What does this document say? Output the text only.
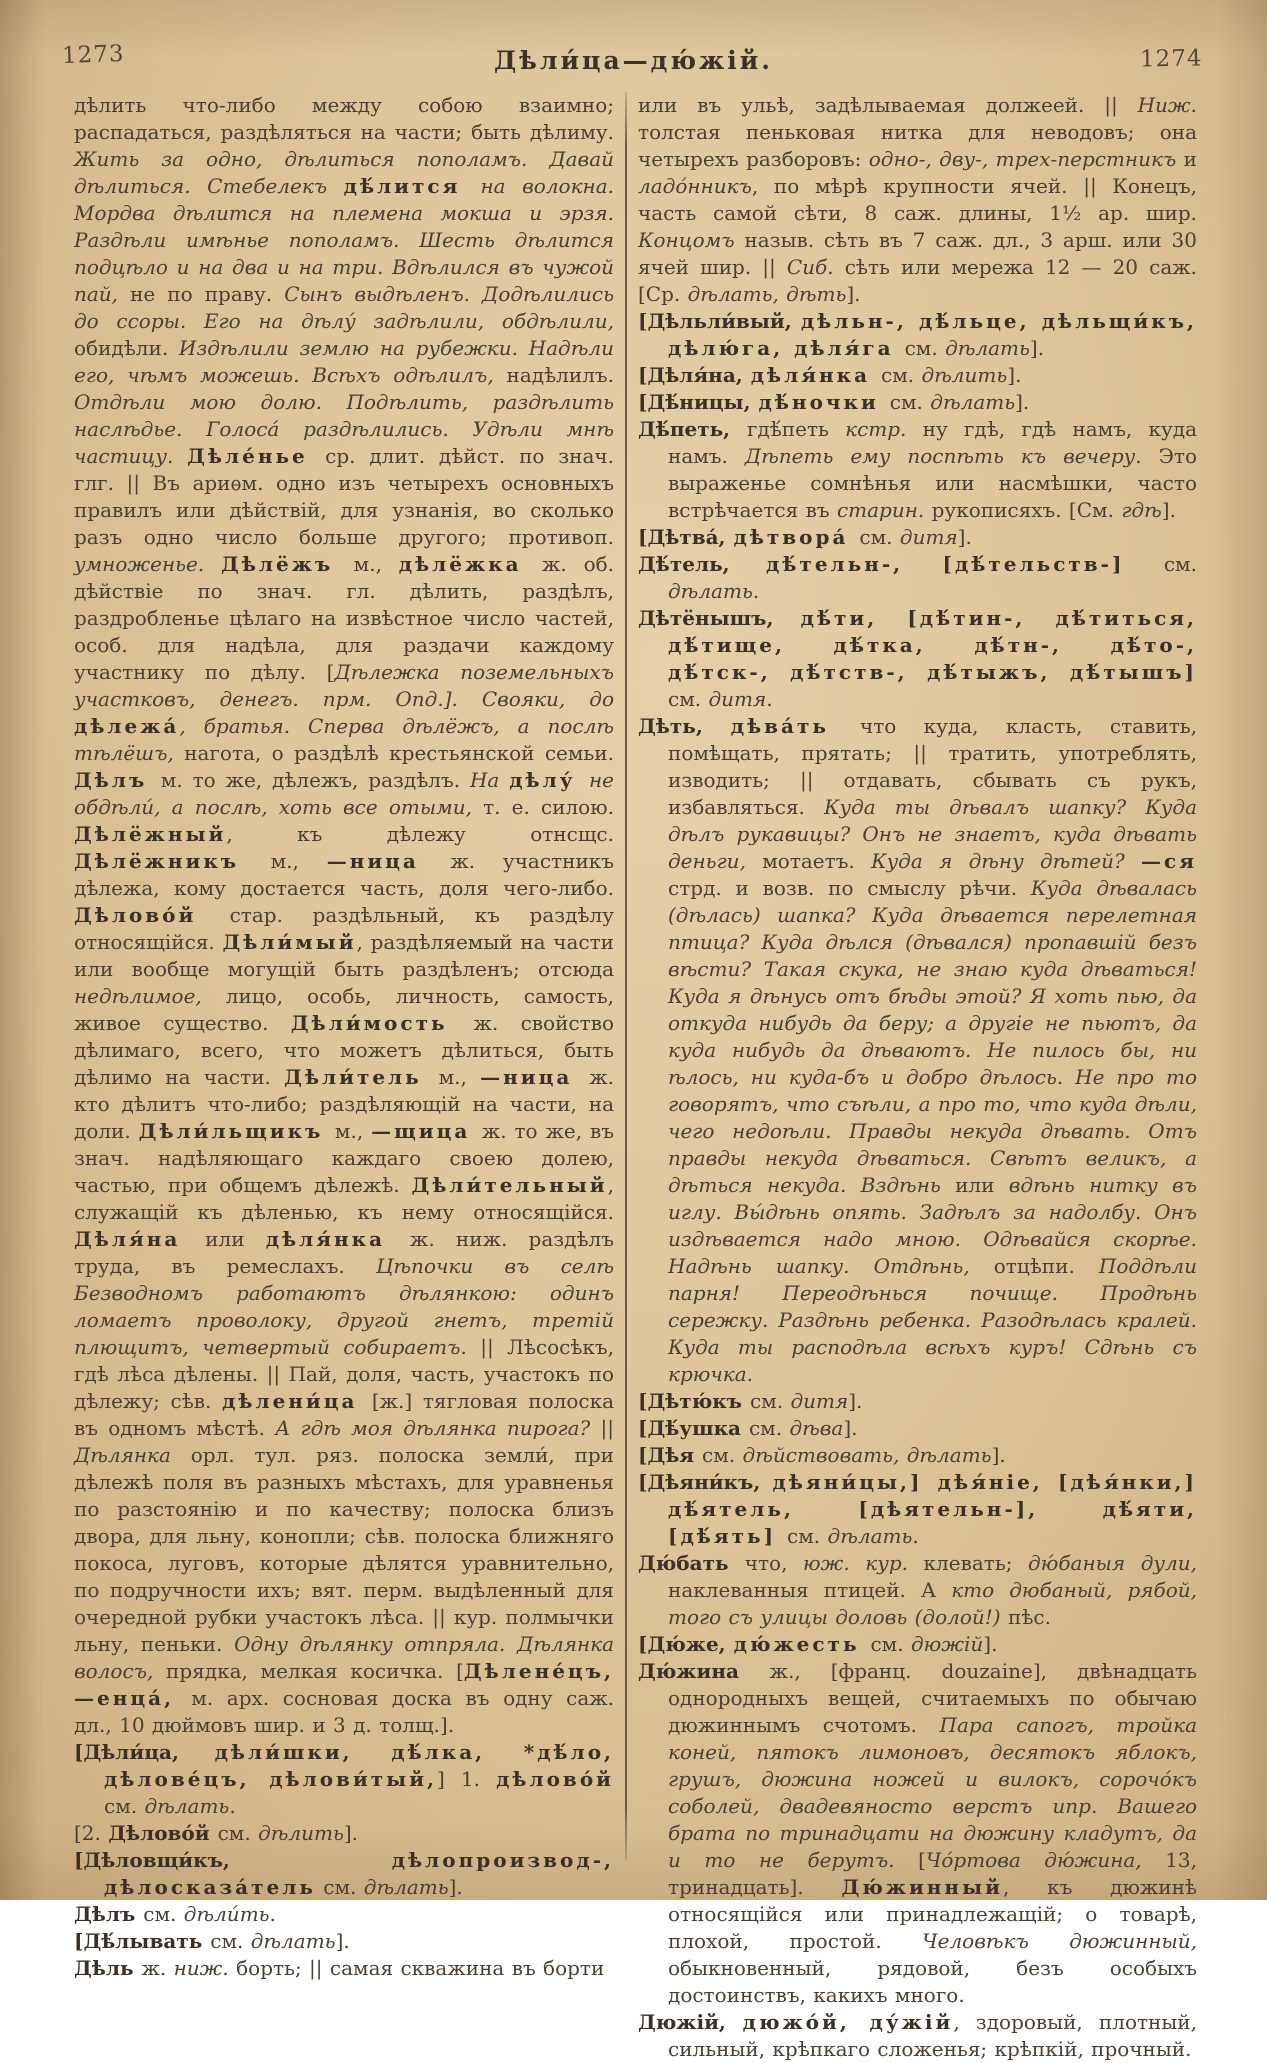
1273	Дѣли́ца—дю́жій.	1274

дѣлить что-либо между собою взаимно; распадаться, раздѣляться на части; быть дѣлиму. Жить за одно, дѣлиться пополамъ. Давай дѣлиться. Стебелекъ дѣ́лится на волокна. Мордва дѣлится на племена мокша и эрзя. Раздѣли имѣнье пополамъ. Шесть дѣлится подцѣло и на два и на три. Вдѣлился въ чужой пай, не по праву. Сынъ выдѣленъ. Додѣлились до ссоры. Его на дѣлу́ задѣлили, обдѣлили, обидѣли. Издѣлили землю на рубежки. Надѣли его, чѣмъ можешь. Всѣхъ одѣлилъ, надѣлилъ. Отдѣли мою долю. Подѣлить, раздѣлить наслѣдье. Голоса́ раздѣлились. Удѣли мнѣ частицу. Дѣле́нье ср. длит. дѣйст. по знач. глг. || Въ ариѳм. одно изъ четырехъ основныхъ правилъ или дѣйствій, для узнанія, во сколько разъ одно число больше другого; противоп. умноженье. Дѣлёжъ м., дѣлёжка ж. об. дѣйствіе по знач. гл. дѣлить, раздѣлъ, раздробленье цѣлаго на извѣстное число частей, особ. для надѣла, для раздачи каждому участнику по дѣлу. [Дѣлежка поземельныхъ участковъ, денегъ. прм. Опд.]. Свояки, до дѣлежа́, братья. Сперва дѣлёжъ, а послѣ тѣлёшъ, нагота, о раздѣлѣ крестьянской семьи. Дѣлъ м. то же, дѣлежъ, раздѣлъ. На дѣлу́ не обдѣли́, а послѣ, хоть все отыми, т. е. силою. Дѣлёжный, къ дѣлежу отнсщс. Дѣлёжникъ м., —ница ж. участникъ дѣлежа, кому достается часть, доля чего-либо. Дѣлово́й стар. раздѣльный, къ раздѣлу относящійся. Дѣли́мый, раздѣляемый на части или вообще могущій быть раздѣленъ; отсюда недѣлимое, лицо, особь, личность, самость, живое существо. Дѣли́мость ж. свойство дѣлимаго, всего, что можетъ дѣлиться, быть дѣлимо на части. Дѣли́тель м., —ница ж. кто дѣлитъ что-либо; раздѣляющій на части, на доли. Дѣли́льщикъ м., —щица ж. то же, въ знач. надѣляющаго каждаго своею долею, частью, при общемъ дѣлежѣ. Дѣли́тельный, служащій къ дѣленью, къ нему относящійся. Дѣля́на или дѣля́нка ж. ниж. раздѣлъ труда, въ ремеслахъ. Цѣпочки въ селѣ Безводномъ работаютъ дѣлянкою: одинъ ломаетъ проволоку, другой гнетъ, третій плющитъ, четвертый собираетъ. || Лѣсосѣкъ, гдѣ лѣса дѣлены. || Пай, доля, часть, участокъ по дѣлежу; сѣв. дѣлени́ца [ж.] тягловая полоска въ одномъ мѣстѣ. А гдѣ моя дѣлянка пирога? || Дѣлянка орл. тул. ряз. полоска земли́, при дѣлежѣ поля въ разныхъ мѣстахъ, для уравненья по разстоянію и по качеству; полоска близъ двора, для льну, конопли; сѣв. полоска ближняго покоса, луговъ, которые дѣлятся уравнительно, по подручности ихъ; вят. перм. выдѣленный для очередной рубки участокъ лѣса. || кур. полмычки льну, пеньки. Одну дѣлянку отпряла. Дѣлянка волосъ, прядка, мелкая косичка. [Дѣлене́цъ, —енца́, м. арх. сосновая доска въ одну саж. дл., 10 дюймовъ шир. и 3 д. толщ.].

[Дѣли́ца, дѣли́шки, дѣ́лка, *дѣ́ло, дѣлове́цъ, дѣлови́тый,] 1. дѣлово́й см. дѣлать.

[2. Дѣлово́й см. дѣлить].

[Дѣловщи́къ, дѣлопроизвод-, дѣлосказа́тель см. дѣлать].

Дѣлъ см. дѣли́ть.

[Дѣ́лывать см. дѣлать].

Дѣль ж. ниж. борть; || самая скважина въ борти

или въ ульѣ, задѣлываемая должеей. || Ниж. толстая пеньковая нитка для неводовъ; она четырехъ разборовъ: одно-, дву-, трех-перстникъ и ладо́нникъ, по мѣрѣ крупности ячей. || Конецъ, часть самой сѣти, 8 саж. длины, 1½ ар. шир. Концомъ назыв. сѣть въ 7 саж. дл., 3 арш. или 30 ячей шир. || Сиб. сѣть или мережа 12 — 20 саж. [Ср. дѣлать, дѣть].

[Дѣльли́вый, дѣльн-, дѣ́льце, дѣльщи́къ, дѣлю́га, дѣля́га см. дѣлать].

[Дѣля́на, дѣля́нка см. дѣлить].

[Дѣ́ницы, дѣ́ночки см. дѣлать].

Дѣ́петь, гдѣ́петь кстр. ну гдѣ, гдѣ намъ, куда намъ. Дѣпеть ему поспѣть къ вечеру. Это выраженье сомнѣнья или насмѣшки, часто встрѣчается въ старин. рукописяхъ. [См. гдѣ].

[Дѣтва́, дѣтвора́ см. дитя].

Дѣ́тель, дѣ́тельн-, [дѣ́тельств-] см. дѣлать.

Дѣтёнышъ, дѣ́ти, [дѣ́тин-, дѣ́титься, дѣ́тище, дѣ́тка, дѣ́тн-, дѣ́то-, дѣ́тск-, дѣ́тств-, дѣ́тыжъ, дѣ́тышъ] см. дитя.

Дѣть, дѣва́ть что куда, класть, ставить, помѣщать, прятать; || тратить, употреблять, изводить; || отдавать, сбывать съ рукъ, избавляться. Куда ты дѣвалъ шапку? Куда дѣлъ рукавицы? Онъ не знаетъ, куда дѣвать деньги, мотаетъ. Куда я дѣну дѣтей? —ся стрд. и возв. по смыслу рѣчи. Куда дѣвалась (дѣлась) шапка? Куда дѣвается перелетная птица? Куда дѣлся (дѣвался) пропавшій безъ вѣсти? Такая скука, не знаю куда дѣваться! Куда я дѣнусь отъ бѣды этой? Я хоть пью, да откуда нибудь да беру; а другіе не пьютъ, да куда нибудь да дѣваютъ. Не пилось бы, ни ѣлось, ни куда-бъ и добро дѣлось. Не про то говорятъ, что съѣли, а про то, что куда дѣли, чего недоѣли. Правды некуда дѣвать. Отъ правды некуда дѣваться. Свѣтъ великъ, а дѣться некуда. Вздѣнь или вдѣнь нитку въ иглу. Вы́дѣнь опять. Задѣлъ за надолбу. Онъ издѣвается надо мною. Одѣвайся скорѣе. Надѣнь шапку. Отдѣнь, отцѣпи. Поддѣли парня! Переодѣнься почище. Продѣнь сережку. Раздѣнь ребенка. Разодѣлась кралей. Куда ты расподѣла всѣхъ куръ! Сдѣнь съ крючка.

[Дѣтю́къ см. дитя].

[Дѣ́ушка см. дѣва].

[Дѣя см. дѣйствовать, дѣлать].

[Дѣяни́къ, дѣяни́цы,] дѣя́ніе, [дѣя́нки,] дѣ́ятель, [дѣятельн-], дѣ́яти, [дѣ́ять] см. дѣлать.

Дю́бать что, юж. кур. клевать; дю́баныя дули, наклеванныя птицей. А кто дюбаный, рябой, того съ улицы доловь (долой!) пѣс.

[Дю́же, дю́жесть см. дюжій].

Дю́жина ж., [франц. douzaine], двѣнадцать однородныхъ вещей, считаемыхъ по обычаю дюжиннымъ счотомъ. Пара сапогъ, тройка коней, пятокъ лимоновъ, десятокъ яблокъ, грушъ, дюжина ножей и вилокъ, сорочо́къ соболей, двадевяносто верстъ ипр. Вашего брата по тринадцати на дюжину кладутъ, да и то не берутъ. [Чо́ртова дю́жина, 13, тринадцать]. Дю́жинный, къ дюжинѣ относящійся или принадлежащій; о товарѣ, плохой, простой. Человѣкъ дюжинный, обыкновенный, рядовой, безъ особыхъ достоинствъ, какихъ много.

Дюжій, дюжо́й, ду́жій, здоровый, плотный, сильный, крѣпкаго сложенья; крѣпкій, прочный.
